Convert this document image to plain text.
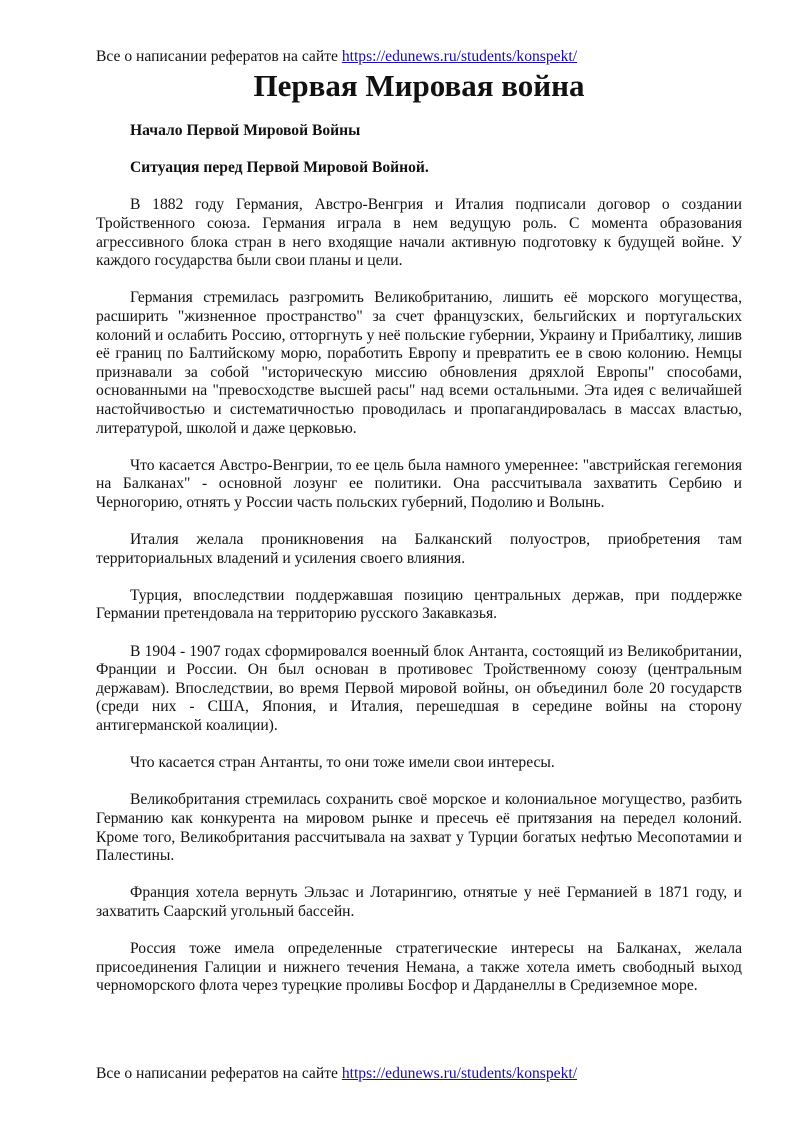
Все о написании рефератов на сайте https://edunews.ru/students/konspekt/
Первая Мировая война
Начало Первой Мировой Войны
Ситуация перед Первой Мировой Войной.

В 1882 году Германия, Австро-Венгрия и Италия подписали договор о создании Тройственного союза. Германия играла в нем ведущую роль. С момента образования агрессивного блока стран в него входящие начали активную подготовку к будущей войне. У каждого государства были свои планы и цели.

Германия стремилась разгромить Великобританию, лишить её морского могущества, расширить "жизненное пространство" за счет французских, бельгийских и португальских колоний и ослабить Россию, отторгнуть у неё польские губернии, Украину и Прибалтику, лишив её границ по Балтийскому морю, поработить Европу и превратить ее в свою колонию. Немцы признавали за собой "историческую миссию обновления дряхлой Европы" способами, основанными на "превосходстве высшей расы" над всеми остальными. Эта идея с величайшей настойчивостью и систематичностью проводилась и пропагандировалась в массах властью, литературой, школой и даже церковью.

Что касается Австро-Венгрии, то ее цель была намного умереннее: "австрийская гегемония на Балканах" - основной лозунг ее политики. Она рассчитывала захватить Сербию и Черногорию, отнять у России часть польских губерний, Подолию и Волынь.

Италия желала проникновения на Балканский полуостров, приобретения там территориальных владений и усиления своего влияния.

Турция, впоследствии поддержавшая позицию центральных держав, при поддержке Германии претендовала на территорию русского Закавказья.

В 1904 - 1907 годах сформировался военный блок Антанта, состоящий из Великобритании, Франции и России. Он был основан в противовес Тройственному союзу (центральным державам). Впоследствии, во время Первой мировой войны, он объединил боле 20 государств (среди них - США, Япония, и Италия, перешедшая в середине войны на сторону антигерманской коалиции).

Что касается стран Антанты, то они тоже имели свои интересы.

Великобритания стремилась сохранить своё морское и колониальное могущество, разбить Германию как конкурента на мировом рынке и пресечь её притязания на передел колоний. Кроме того, Великобритания рассчитывала на захват у Турции богатых нефтью Месопотамии и Палестины.

Франция хотела вернуть Эльзас и Лотарингию, отнятые у неё Германией в 1871 году, и захватить Саарский угольный бассейн.

Россия тоже имела определенные стратегические интересы на Балканах, желала присоединения Галиции и нижнего течения Немана, а также хотела иметь свободный выход черноморского флота через турецкие проливы Босфор и Дарданеллы в Средиземное море.

Все о написании рефератов на сайте https://edunews.ru/students/konspekt/
